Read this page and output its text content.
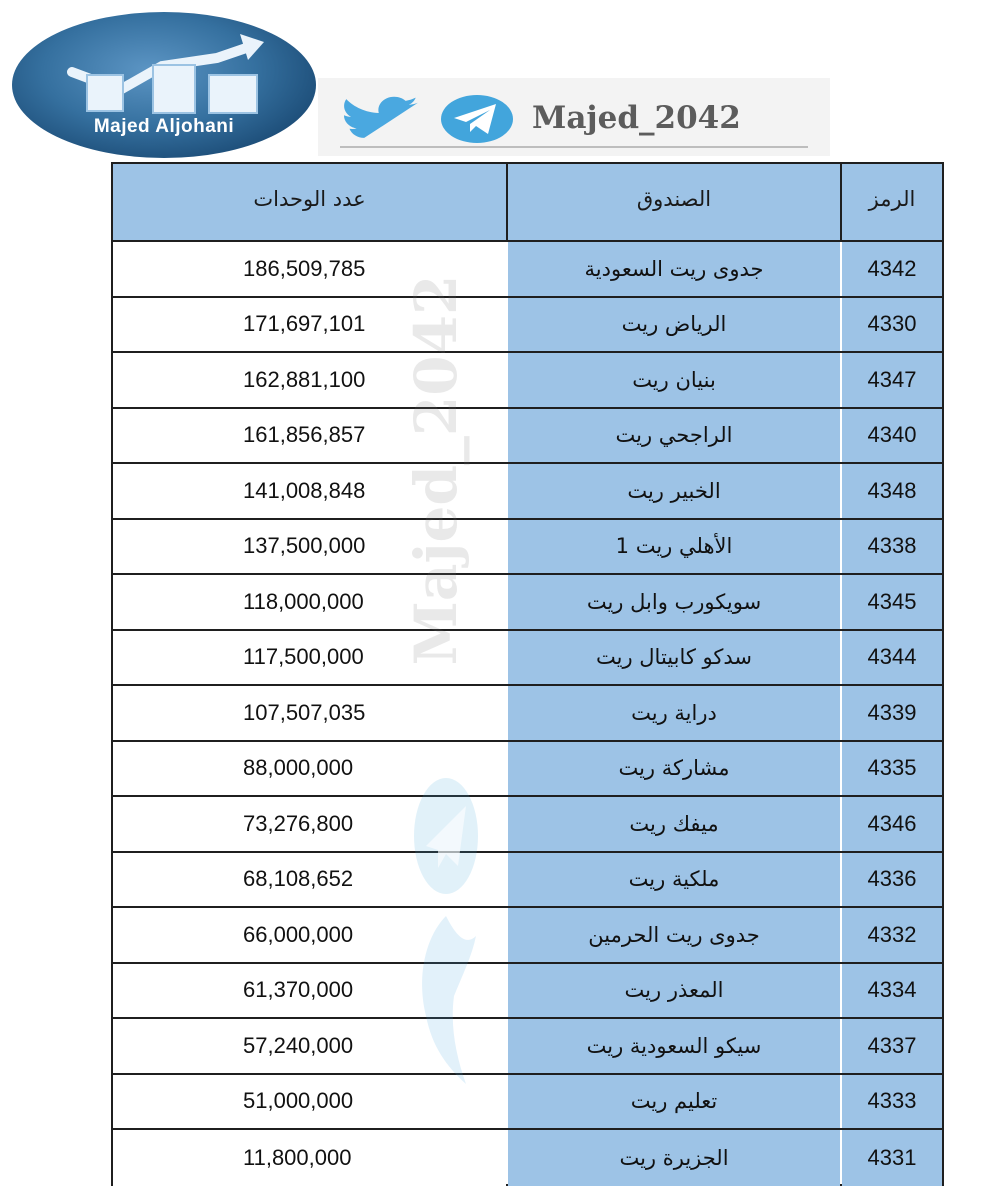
Majed Aljohani	Majed_2042
عدد الوحدات	الصندوق	الرمز
186,509,785	جدوى ريت السعودية	4342
171,697,101	الرياض ريت	4330
162,881,100	بنيان ريت	4347
161,856,857	الراجحي ريت	4340
141,008,848	الخبير ريت	4348
137,500,000	الأهلي ريت 1	4338
118,000,000	سويكورب وابل ريت	4345
117,500,000	سدكو كابيتال ريت	4344
107,507,035	دراية ريت	4339
88,000,000	مشاركة ريت	4335
73,276,800	ميفك ريت	4346
68,108,652	ملكية ريت	4336
66,000,000	جدوى ريت الحرمين	4332
61,370,000	المعذر ريت	4334
57,240,000	سيكو السعودية ريت	4337
51,000,000	تعليم ريت	4333
11,800,000	الجزيرة ريت	4331
